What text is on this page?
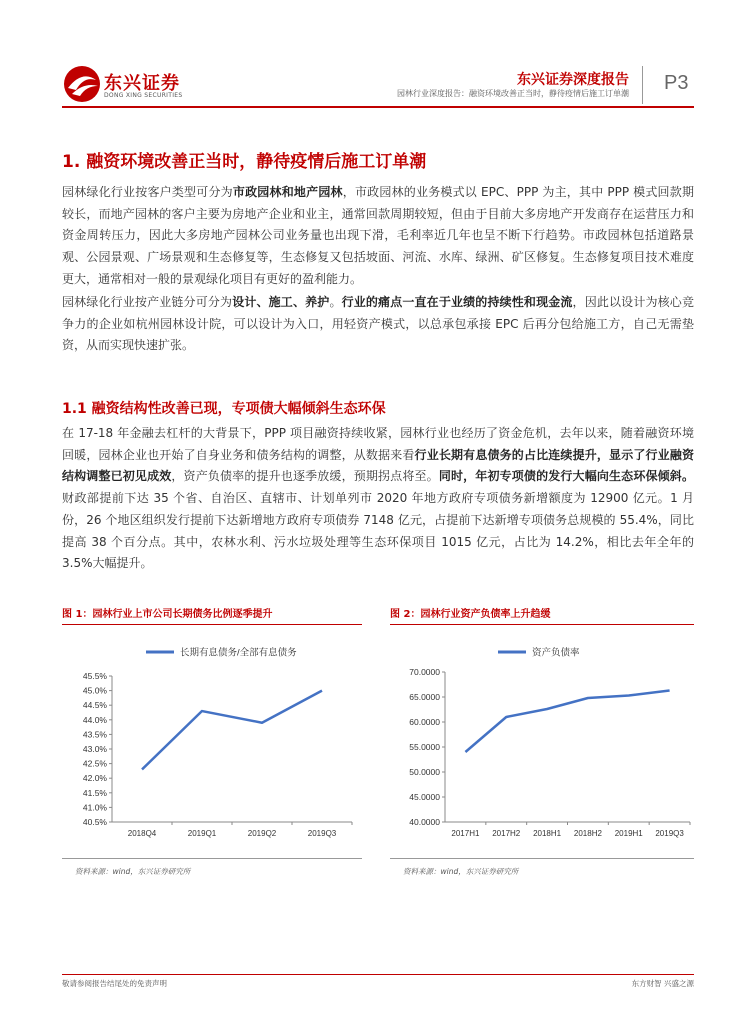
东兴证券
DONG XING SECURITIES
东兴证券深度报告
园林行业深度报告：融资环境改善正当时，静待疫情后施工订单潮 P3
1. 融资环境改善正当时，静待疫情后施工订单潮
园林绿化行业按客户类型可分为市政园林和地产园林，市政园林的业务模式以 EPC、PPP 为主，其中 PPP 模式回款期较长，而地产园林的客户主要为房地产企业和业主，通常回款周期较短，但由于目前大多房地产开发商存在运营压力和资金周转压力，因此大多房地产园林公司业务量也出现下滑，毛利率近几年也呈不断下行趋势。市政园林包括道路景观、公园景观、广场景观和生态修复等，生态修复又包括坡面、河流、水库、绿洲、矿区修复。生态修复项目技术难度更大，通常相对一般的景观绿化项目有更好的盈利能力。
园林绿化行业按产业链分可分为设计、施工、养护。行业的痛点一直在于业绩的持续性和现金流，因此以设计为核心竞争力的企业如杭州园林设计院，可以设计为入口，用轻资产模式，以总承包承接 EPC 后再分包给施工方，自己无需垫资，从而实现快速扩张。
1.1 融资结构性改善已现，专项债大幅倾斜生态环保
在 17-18 年金融去杠杆的大背景下，PPP 项目融资持续收紧，园林行业也经历了资金危机，去年以来，随着融资环境回暖，园林企业也开始了自身业务和债务结构的调整，从数据来看行业长期有息债务的占比连续提升，显示了行业融资结构调整已初见成效，资产负债率的提升也逐季放缓，预期拐点将至。同时，年初专项债的发行大幅向生态环保倾斜。财政部提前下达 35 个省、自治区、直辖市、计划单列市 2020 年地方政府专项债务新增额度为 12900 亿元。1 月份，26 个地区组织发行提前下达新增地方政府专项债券 7148 亿元，占提前下达新增专项债务总规模的 55.4%，同比提高 38 个百分点。其中，农林水利、污水垃圾处理等生态环保项目 1015 亿元，占比为 14.2%，相比去年全年的 3.5%大幅提升。
图 1：园林行业上市公司长期债务比例逐季提升
长期有息债务/全部有息债务
45.5%
45.0%
44.5%
44.0%
43.5%
43.0%
42.5%
42.0%
41.5%
41.0%
40.5%
2018Q4	2019Q1	2019Q2	2019Q3
资料来源：wind，东兴证券研究所
图 2：园林行业资产负债率上升趋缓
资产负债率
70.0000
65.0000
60.0000
55.0000
50.0000
45.0000
40.0000
2017H1 2017H2 2018H1 2018H2 2019H1 2019Q3
资料来源：wind，东兴证券研究所
敬请参阅报告结尾处的免责声明	东方财智 兴盛之源
